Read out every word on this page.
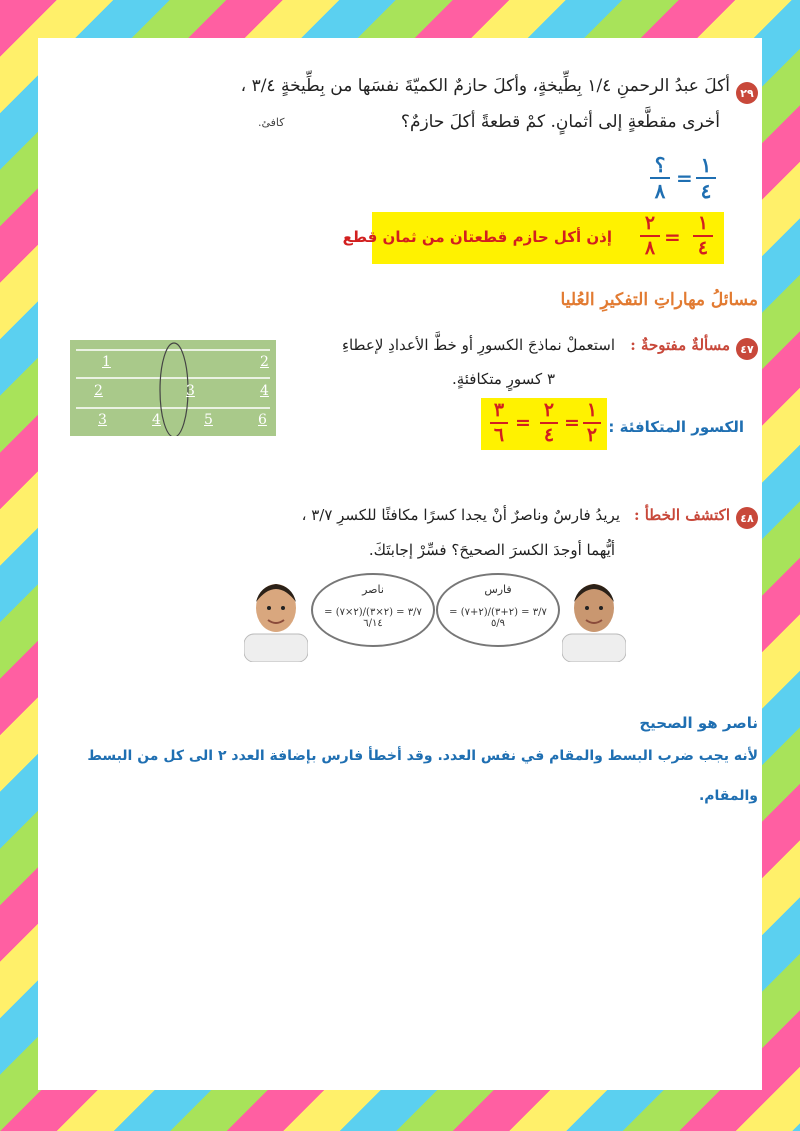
٢٩
أكلَ عبدُ الرحمنِ ١/٤ بِطِّيخةٍ، وأكلَ حازمٌ الكميّةَ نفسَها من بِطِّيخةٍ ٣/٤ ،
أخرى مقطَّعةٍ إلى أثمانٍ. كمْ قطعةً أكلَ حازمٌ؟
كافئ.
١
٤
=
؟
٨
إذن أكل حازم قطعتان من ثمان قطع
١
٤
=
٢
٨
مسائلُ مهاراتِ التفكيرِ العُليا
٤٧
مسألةٌ مفتوحةٌ :
استعملْ نماذجَ الكسورِ أو خطَّ الأعدادِ لإعطاءِ
٣ كسورٍ متكافئةٍ.
1	2
2	3	4
3	4	5	6	الكسور المتكافئة :
١
٢
=
٢
٤
=
٣
٦
٤٨
اكتشف الخطأ :
يريدُ فارسٌ وناصرٌ أنْ يجدا كسرًا مكافئًا للكسرِ ٣/٧ ،
أيُّهما أوجدَ الكسرَ الصحيحَ؟ فسِّرْ إجابتَكَ.
ناصر
٣/٧ = (٢×٣)/(٢×٧) = ٦/١٤
فارس
٣/٧ = (٢+٣)/(٢+٧) = ٥/٩
ناصر هو الصحيح
لأنه يجب ضرب البسط والمقام في نفس العدد. وقد أخطأ فارس بإضافة العدد ٢ الى كل من البسط
والمقام.
